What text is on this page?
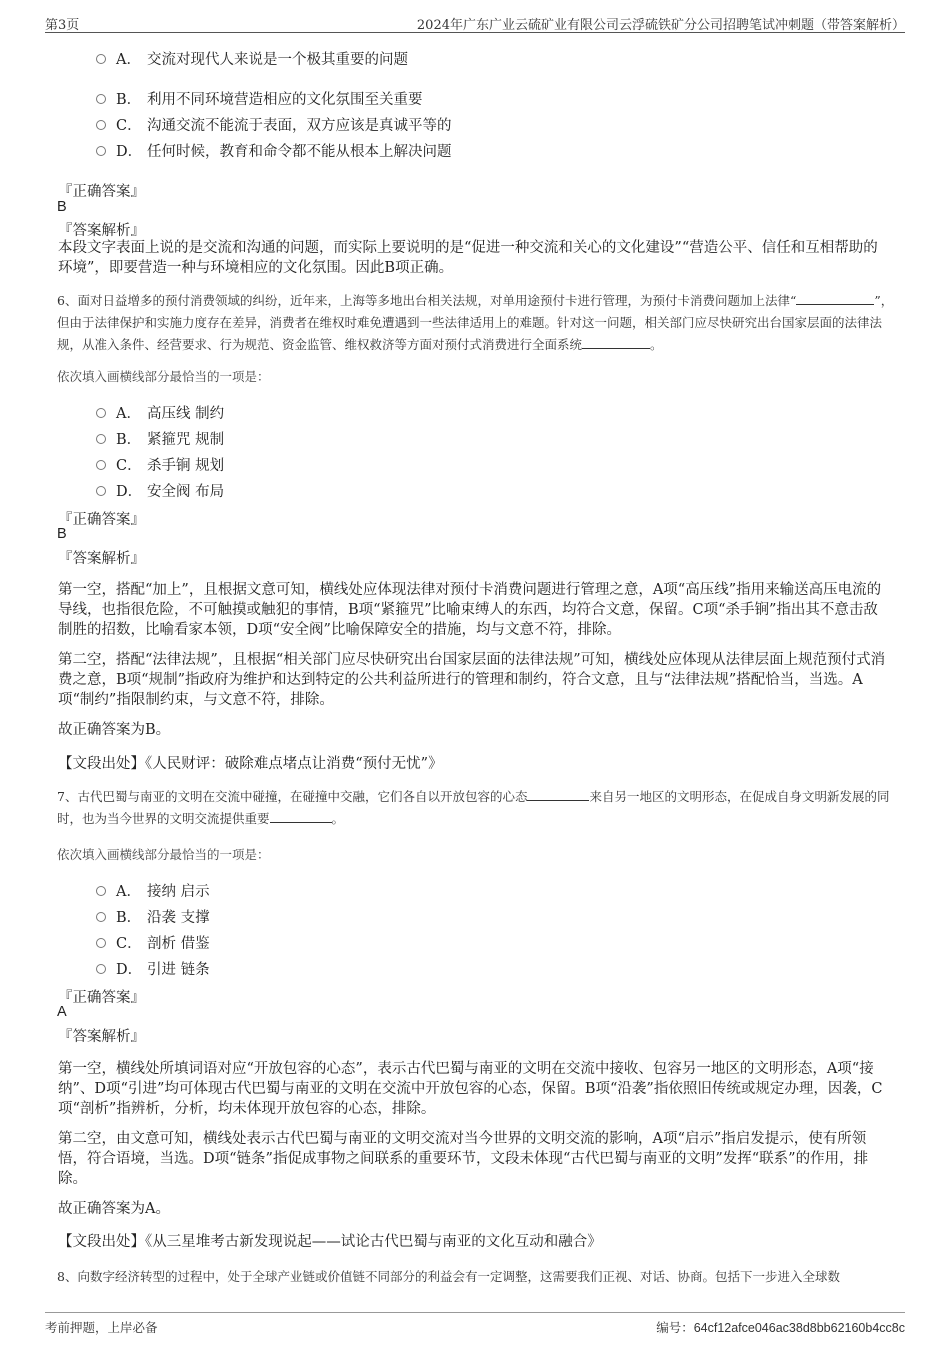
第3页	2024年广东广业云硫矿业有限公司云浮硫铁矿分公司招聘笔试冲刺题（带答案解析）
A． 交流对现代人来说是一个极其重要的问题
B． 利用不同环境营造相应的文化氛围至关重要
C． 沟通交流不能流于表面，双方应该是真诚平等的
D． 任何时候，教育和命令都不能从根本上解决问题
『正确答案』
B
『答案解析』
本段文字表面上说的是交流和沟通的问题，而实际上要说明的是“促进一种交流和关心的文化建设”“营造公平、信任和互相帮助的环境”，即要营造一种与环境相应的文化氛围。因此B项正确。
6、面对日益增多的预付消费领域的纠纷，近年来，上海等多地出台相关法规，对单用途预付卡进行管理，为预付卡消费问题加上法律“	”，但由于法律保护和实施力度存在差异，消费者在维权时难免遭遇到一些法律适用上的难题。针对这一问题，相关部门应尽快研究出台国家层面的法律法规，从准入条件、经营要求、行为规范、资金监管、维权救济等方面对预付式消费进行全面系统	。
依次填入画横线部分最恰当的一项是：
A． 高压线 制约
B． 紧箍咒 规制
C． 杀手锏 规划
D． 安全阀 布局
『正确答案』
B
『答案解析』
第一空，搭配“加上”，且根据文意可知，横线处应体现法律对预付卡消费问题进行管理之意，A项“高压线”指用来输送高压电流的导线，也指很危险，不可触摸或触犯的事情，B项“紧箍咒”比喻束缚人的东西，均符合文意，保留。C项“杀手锏”指出其不意击敌制胜的招数，比喻看家本领，D项“安全阀”比喻保障安全的措施，均与文意不符，排除。
第二空，搭配“法律法规”，且根据“相关部门应尽快研究出台国家层面的法律法规”可知，横线处应体现从法律层面上规范预付式消费之意，B项“规制”指政府为维护和达到特定的公共利益所进行的管理和制约，符合文意，且与“法律法规”搭配恰当，当选。A项“制约”指限制约束，与文意不符，排除。
故正确答案为B。
【文段出处】《人民财评：破除难点堵点让消费“预付无忧”》
7、古代巴蜀与南亚的文明在交流中碰撞，在碰撞中交融，它们各自以开放包容的心态	来自另一地区的文明形态，在促成自身文明新发展的同时，也为当今世界的文明交流提供重要	。
依次填入画横线部分最恰当的一项是：
A． 接纳 启示
B． 沿袭 支撑
C． 剖析 借鉴
D． 引进 链条
『正确答案』
A
『答案解析』
第一空，横线处所填词语对应“开放包容的心态”，表示古代巴蜀与南亚的文明在交流中接收、包容另一地区的文明形态，A项“接纳”、D项“引进”均可体现古代巴蜀与南亚的文明在交流中开放包容的心态，保留。B项“沿袭”指依照旧传统或规定办理，因袭，C项“剖析”指辨析，分析，均未体现开放包容的心态，排除。
第二空，由文意可知，横线处表示古代巴蜀与南亚的文明交流对当今世界的文明交流的影响，A项“启示”指启发提示，使有所领悟，符合语境，当选。D项“链条”指促成事物之间联系的重要环节，文段未体现“古代巴蜀与南亚的文明”发挥“联系”的作用，排除。
故正确答案为A。
【文段出处】《从三星堆考古新发现说起——试论古代巴蜀与南亚的文化互动和融合》
8、向数字经济转型的过程中，处于全球产业链或价值链不同部分的利益会有一定调整，这需要我们正视、对话、协商。包括下一步进入全球数
考前押题，上岸必备	编号：64cf12afce046ac38d8bb62160b4cc8c
